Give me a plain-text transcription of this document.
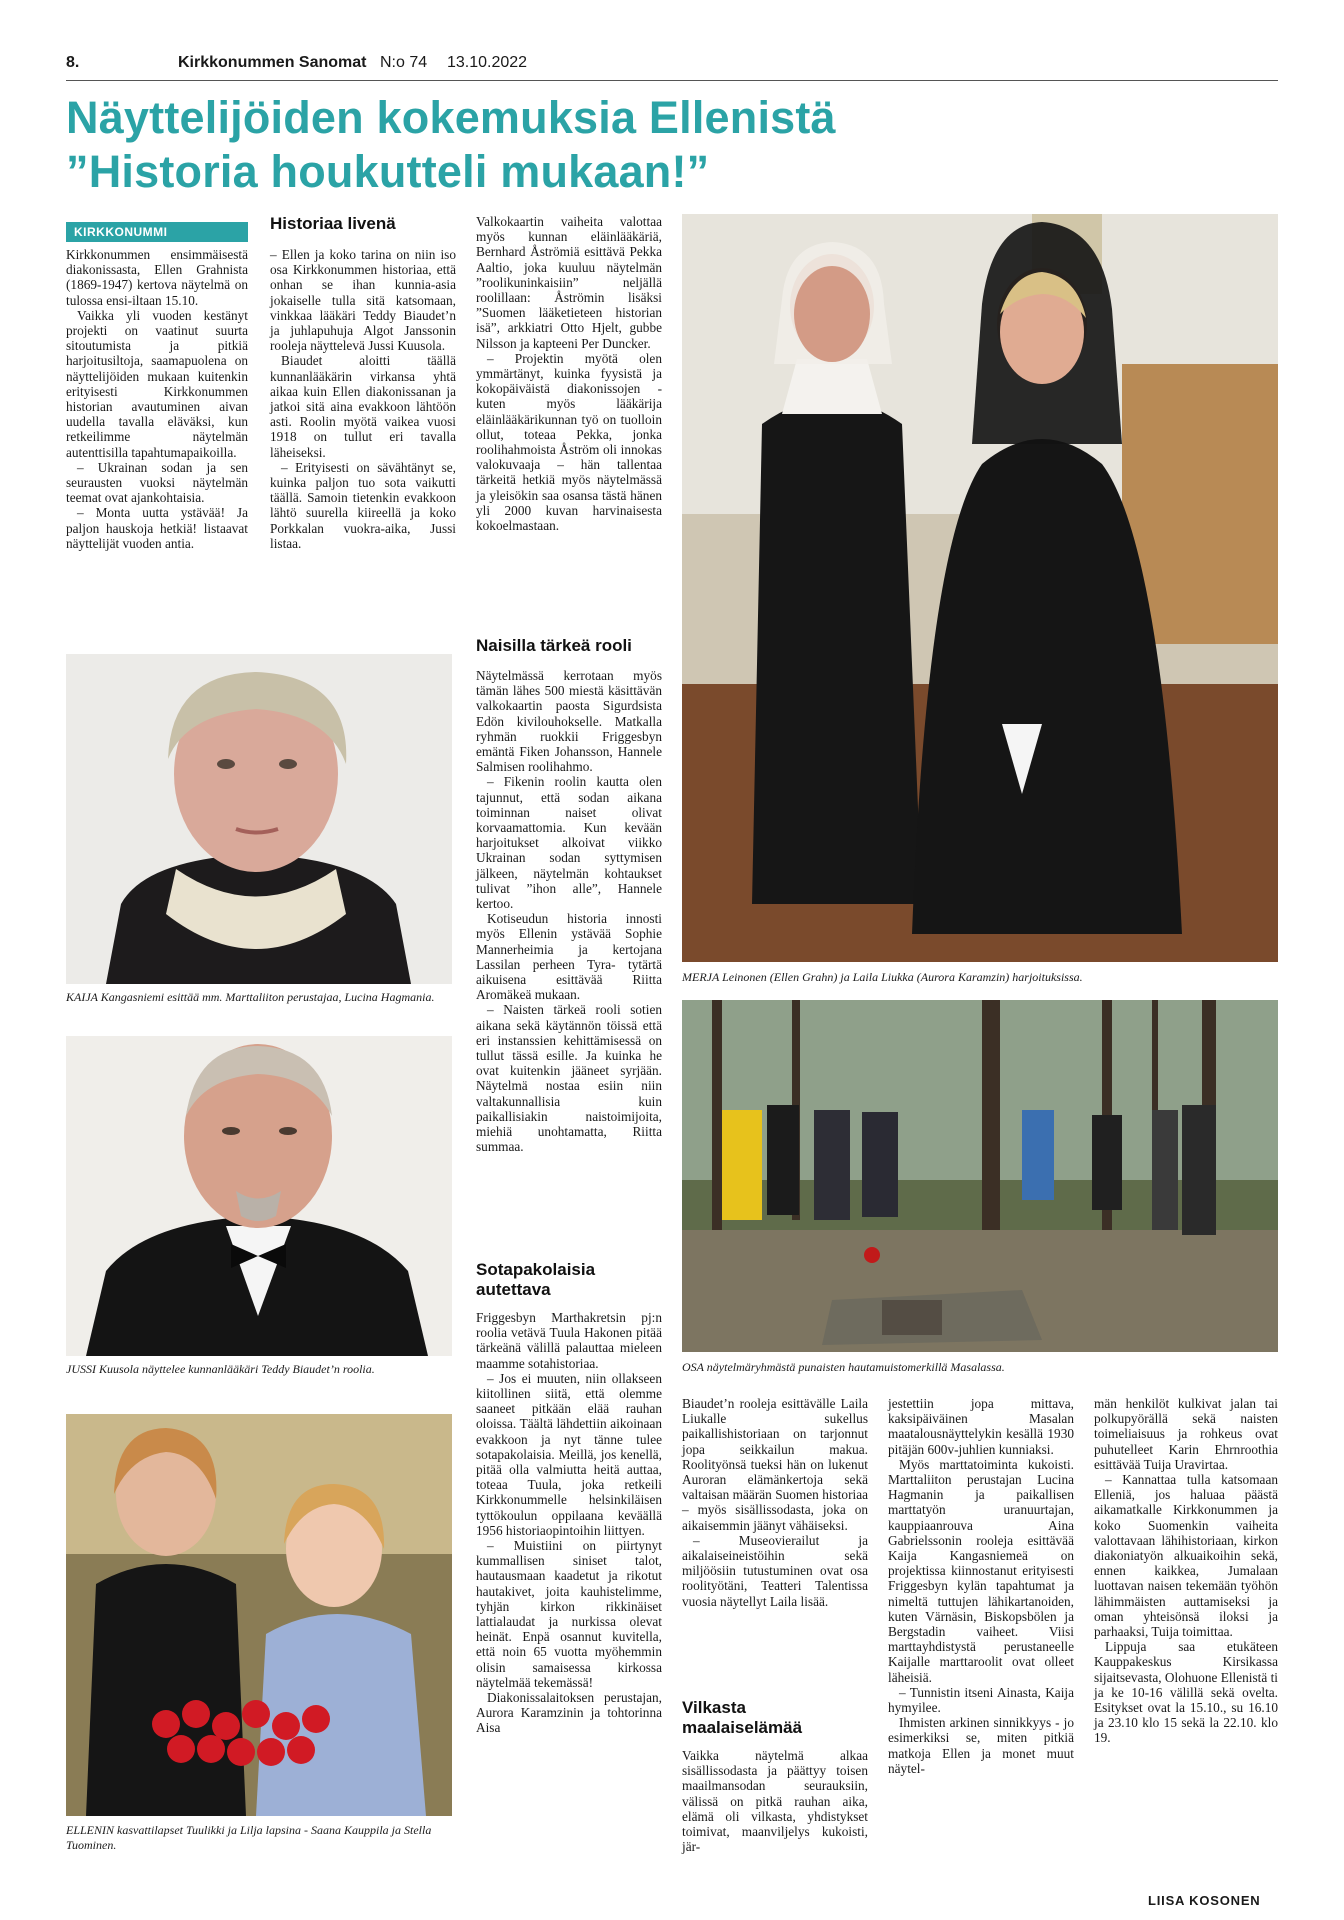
8.	Kirkkonummen Sanomat N:o 74 13.10.2022
Näyttelijöiden kokemuksia Ellenistä
”Historia houkutteli mukaan!”
KIRKKONUMMI

Kirkkonummen ensimmäisestä diakonissasta, Ellen Grahnista (1869-1947) kertova näytelmä on tulossa ensi-iltaan 15.10.

Vaikka yli vuoden kestänyt projekti on vaatinut suurta sitoutumista ja pitkiä harjoitusiltoja, saamapuolena on näyttelijöiden mukaan kuitenkin erityisesti Kirkkonummen historian avautuminen aivan uudella tavalla eläväksi, kun retkeilimme näytelmän autenttisilla tapahtumapaikoilla.

– Ukrainan sodan ja sen seurausten vuoksi näytelmän teemat ovat ajankohtaisia.

– Monta uutta ystävää! Ja paljon hauskoja hetkiä! listaavat näyttelijät vuoden antia.

Historiaa livenä

– Ellen ja koko tarina on niin iso osa Kirkkonummen historiaa, että onhan se ihan kunnia-asia jokaiselle tulla sitä katsomaan, vinkkaa lääkäri Teddy Biaudet’n ja juhlapuhuja Algot Janssonin rooleja näyttelevä Jussi Kuusola.

Biaudet aloitti täällä kunnanlääkärin virkansa yhtä aikaa kuin Ellen diakonissanan ja jatkoi sitä aina evakkoon lähtöön asti. Roolin myötä vaikea vuosi 1918 on tullut eri tavalla läheiseksi.

– Erityisesti on sävähtänyt se, kuinka paljon tuo sota vaikutti täällä. Samoin tietenkin evakkoon lähtö suurella kiireellä ja koko Porkkalan vuokra-aika, Jussi listaa.

Valkokaartin vaiheita valottaa myös kunnan eläinlääkäriä, Bernhard Åströmiä esittävä Pekka Aaltio, joka kuuluu näytelmän ”roolikuninkaisiin” neljällä roolillaan: Åströmin lisäksi ”Suomen lääketieteen historian isä”, arkkiatri Otto Hjelt, gubbe Nilsson ja kapteeni Per Duncker.

– Projektin myötä olen ymmärtänyt, kuinka fyysistä ja kokopäiväistä diakonissojen - kuten myös lääkärija eläinlääkärikunnan työ on tuolloin ollut, toteaa Pekka, jonka roolihahmoista Åström oli innokas valokuvaaja – hän tallentaa tärkeitä hetkiä myös näytelmässä ja yleisökin saa osansa tästä hänen yli 2000 kuvan harvinaisesta kokoelmastaan.

Naisilla tärkeä rooli

Näytelmässä kerrotaan myös tämän lähes 500 miestä käsittävän valkokaartin paosta Sigurdsista Edön kivilouhokselle. Matkalla ryhmän ruokkii Friggesbyn emäntä Fiken Johansson, Hannele Salmisen roolihahmo.

– Fikenin roolin kautta olen tajunnut, että sodan aikana toiminnan naiset olivat korvaamattomia. Kun kevään harjoitukset alkoivat viikko Ukrainan sodan syttymisen jälkeen, näytelmän kohtaukset tulivat ”ihon alle”, Hannele kertoo.

Kotiseudun historia innosti myös Ellenin ystävää Sophie Mannerheimia ja kertojana Lassilan perheen Tyra- tytärtä aikuisena esittävää Riitta Aromäkeä mukaan.

– Naisten tärkeä rooli sotien aikana sekä käytännön töissä että eri instanssien kehittämisessä on tullut tässä esille. Ja kuinka he ovat kuitenkin jääneet syrjään. Näytelmä nostaa esiin niin valtakunnallisia kuin paikallisiakin naistoimijoita, miehiä unohtamatta, Riitta summaa.

Sotapakolaisia
autettava

Friggesbyn Marthakretsin pj:n roolia vetävä Tuula Hakonen pitää tärkeänä välillä palauttaa mieleen maamme sotahistoriaa.

– Jos ei muuten, niin ollakseen kiitollinen siitä, että olemme saaneet pitkään elää rauhan oloissa. Täältä lähdettiin aikoinaan evakkoon ja nyt tänne tulee sotapakolaisia. Meillä, jos kenellä, pitää olla valmiutta heitä auttaa, toteaa Tuula, joka retkeili Kirkkonummelle helsinkiläisen tyttökoulun oppilaana keväällä 1956 historiaopintoihin liittyen.

– Muistiini on piirtynyt kummallisen siniset talot, hautausmaan kaadetut ja rikotut hautakivet, joita kauhistelimme, tyhjän kirkon rikkinäiset lattialaudat ja nurkissa olevat heinät. Enpä osannut kuvitella, että noin 65 vuotta myöhemmin olisin samaisessa kirkossa näytelmää tekemässä!

Diakonissalaitoksen perustajan, Aurora Karamzinin ja tohtorinna Aisa

Biaudet’n rooleja esittävälle Laila Liukalle sukellus paikallishistoriaan on tarjonnut jopa seikkailun makua. Roolityönsä tueksi hän on lukenut Auroran elämänkertoja sekä valtaisan määrän Suomen historiaa – myös sisällissodasta, joka on aikaisemmin jäänyt vähäiseksi.

– Museovierailut ja aikalaiseineistöihin sekä miljöösiin tutustuminen ovat osa roolityötäni, Teatteri Talentissa vuosia näytellyt Laila lisää.

Vilkasta
maalaiselämää

Vaikka näytelmä alkaa sisällissodasta ja päättyy toisen maailmansodan seurauksiin, välissä on pitkä rauhan aika, elämä oli vilkasta, yhdistykset toimivat, maanviljelys kukoisti, jär-

jestettiin jopa mittava, kaksipäiväinen Masalan maatalousnäyttelykin kesällä 1930 pitäjän 600v-juhlien kunniaksi.

Myös marttatoiminta kukoisti. Marttaliiton perustajan Lucina Hagmanin ja paikallisen marttatyön uranuurtajan, kauppiaanrouva Aina Gabrielssonin rooleja esittävää Kaija Kangasniemeä on projektissa kiinnostanut erityisesti Friggesbyn kylän tapahtumat ja nimeltä tuttujen lähikartanoiden, kuten Värnäsin, Biskopsbölen ja Bergstadin vaiheet. Viisi marttayhdistystä perustaneelle Kaijalle marttaroolit ovat olleet läheisiä.

– Tunnistin itseni Ainasta, Kaija hymyilee.

Ihmisten arkinen sinnikkyys - jo esimerkiksi se, miten pitkiä matkoja Ellen ja monet muut näytel-

män henkilöt kulkivat jalan tai polkupyörällä sekä naisten toimeliaisuus ja rohkeus ovat puhutelleet Karin Ehrnroothia esittävää Tuija Uravirtaa.

– Kannattaa tulla katsomaan Elleniä, jos haluaa päästä aikamatkalle Kirkkonummen ja koko Suomenkin vaiheita valottavaan lähihistoriaan, kirkon diakoniatyön alkuaikoihin sekä, ennen kaikkea, Jumalaan luottavan naisen tekemään työhön lähimmäisten auttamiseksi ja oman yhteisönsä iloksi ja parhaaksi, Tuija toimittaa.

Lippuja saa etukäteen Kauppakeskus Kirsikassa sijaitsevasta, Olohuone Ellenistä ti ja ke 10-16 välillä sekä ovelta. Esitykset ovat la 15.10., su 16.10 ja 23.10 klo 15 sekä la 22.10. klo 19.

LIISA KOSONEN
KAIJA Kangasniemi esittää mm. Marttaliiton perustajaa, Lucina Hagmania.
JUSSI Kuusola näyttelee kunnanlääkäri Teddy Biaudet’n roolia.
ELLENIN kasvattilapset Tuulikki ja Lilja lapsina - Saana Kauppila ja Stella Tuominen.
MERJA Leinonen (Ellen Grahn) ja Laila Liukka (Aurora Karamzin) harjoituksissa.
OSA näytelmäryhmästä punaisten hautamuistomerkillä Masalassa.
